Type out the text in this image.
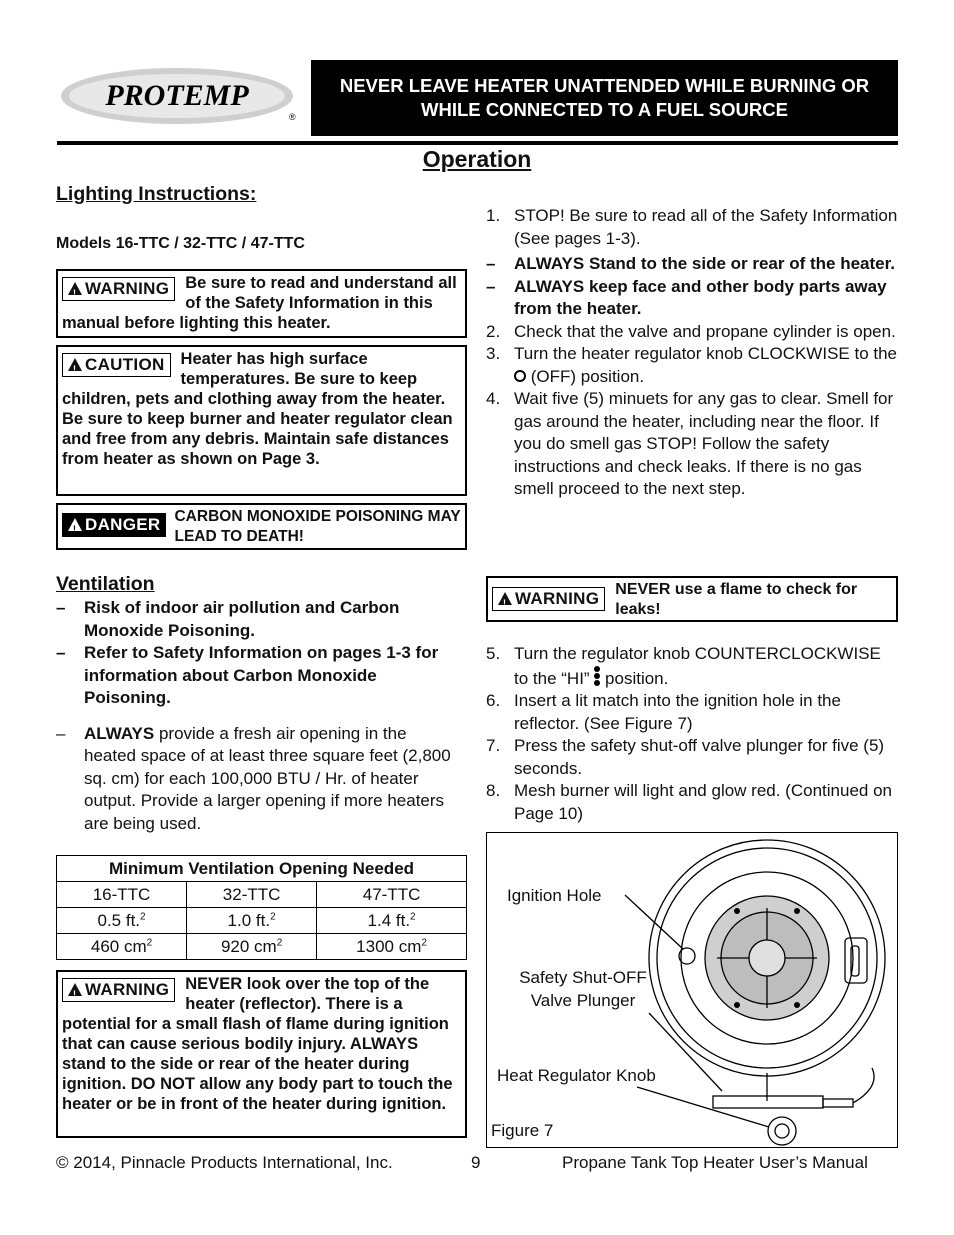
PROTEMP
®
NEVER LEAVE HEATER UNATTENDED WHILE BURNING OR
WHILE CONNECTED TO A FUEL SOURCE
Operation
Lighting Instructions:
Models 16-TTC / 32-TTC / 47-TTC
!WARNING Be sure to read and understand all of the Safety Information in this manual before lighting this heater.
!CAUTION Heater has high surface temperatures. Be sure to keep children, pets and clothing away from the heater. Be sure to keep burner and heater regulator clean and free from any debris. Maintain safe distances from heater as shown on Page 3.
!DANGER CARBON MONOXIDE POISONING MAY LEAD TO DEATH!
Ventilation
–	Risk of indoor air pollution and Carbon Monoxide Poisoning.
–	Refer to Safety Information on pages 1-3 for information about Carbon Monoxide Poisoning.
–	ALWAYS provide a fresh air opening in the heated space of at least three square feet (2,800 sq. cm) for each 100,000 BTU / Hr. of heater output. Provide a larger opening if more heaters are being used.
Minimum Ventilation Opening Needed		
16-TTC	32-TTC	47-TTC
0.5 ft.$^2$	1.0 ft.$^2$	1.4 ft.$^2$
460 $cm^2$	920 $cm^2$	1300 $cm^2$
!WARNING NEVER look over the top of the heater (reflector). There is a potential for a small flash of flame during ignition that can cause serious bodily injury. ALWAYS stand to the side or rear of the heater during ignition. DO NOT allow any body part to touch the heater or be in front of the heater during ignition.
1. STOP! Be sure to read all of the Safety Information (See pages 1-3).
–	ALWAYS Stand to the side or rear of the heater.
–	ALWAYS keep face and other body parts away from the heater.
2. Check that the valve and propane cylinder is open.
3. Turn the heater regulator knob CLOCKWISE to the  (OFF) position.
4. Wait five (5) minuets for any gas to clear. Smell for gas around the heater, including near the floor. If you do smell gas STOP! Follow the safety instructions and check leaks. If there is no gas smell proceed to the next step.
!WARNING	NEVER use a flame to check for leaks!
5. Turn the regulator knob COUNTERCLOCKWISE to the “HI”
position.
6. Insert a lit match into the ignition hole in the reflector. (See Figure 7)
7. Press the safety shut-off valve plunger for five (5) seconds.
8. Mesh burner will light and glow red. (Continued on Page 10)
Ignition Hole
Safety Shut-OFF
Valve Plunger
Heat Regulator Knob
Figure 7
© 2014, Pinnacle Products International, Inc.	9	Propane Tank Top Heater User’s Manual
